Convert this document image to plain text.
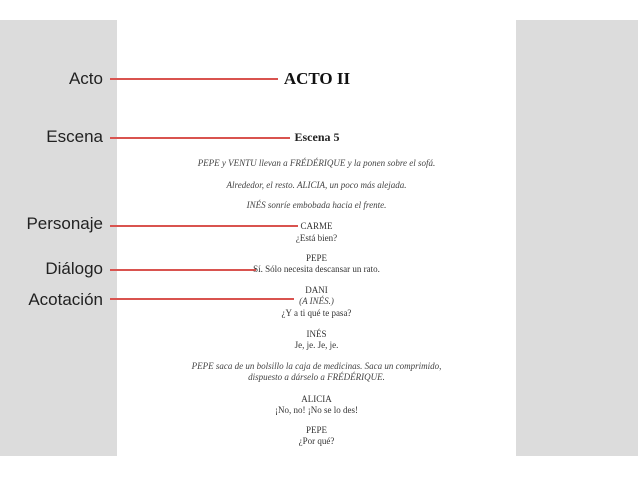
Acto
Escena
Personaje
Diálogo
Acotación
ACTO II
Escena 5
PEPE y VENTU llevan a FRÉDÉRIQUE y la ponen sobre el sofá.
Alrededor, el resto. ALICIA, un poco más alejada.
INÉS sonríe embobada hacia el frente.
CARME
¿Está bien?
PEPE
Sí. Sólo necesita descansar un rato.
DANI
(A INÉS.)
¿Y a ti qué te pasa?
INÉS
Je, je. Je, je.
PEPE saca de un bolsillo la caja de medicinas. Saca un comprimido,
dispuesto a dárselo a FRÉDÉRIQUE.
ALICIA
¡No, no! ¡No se lo des!
PEPE
¿Por qué?
